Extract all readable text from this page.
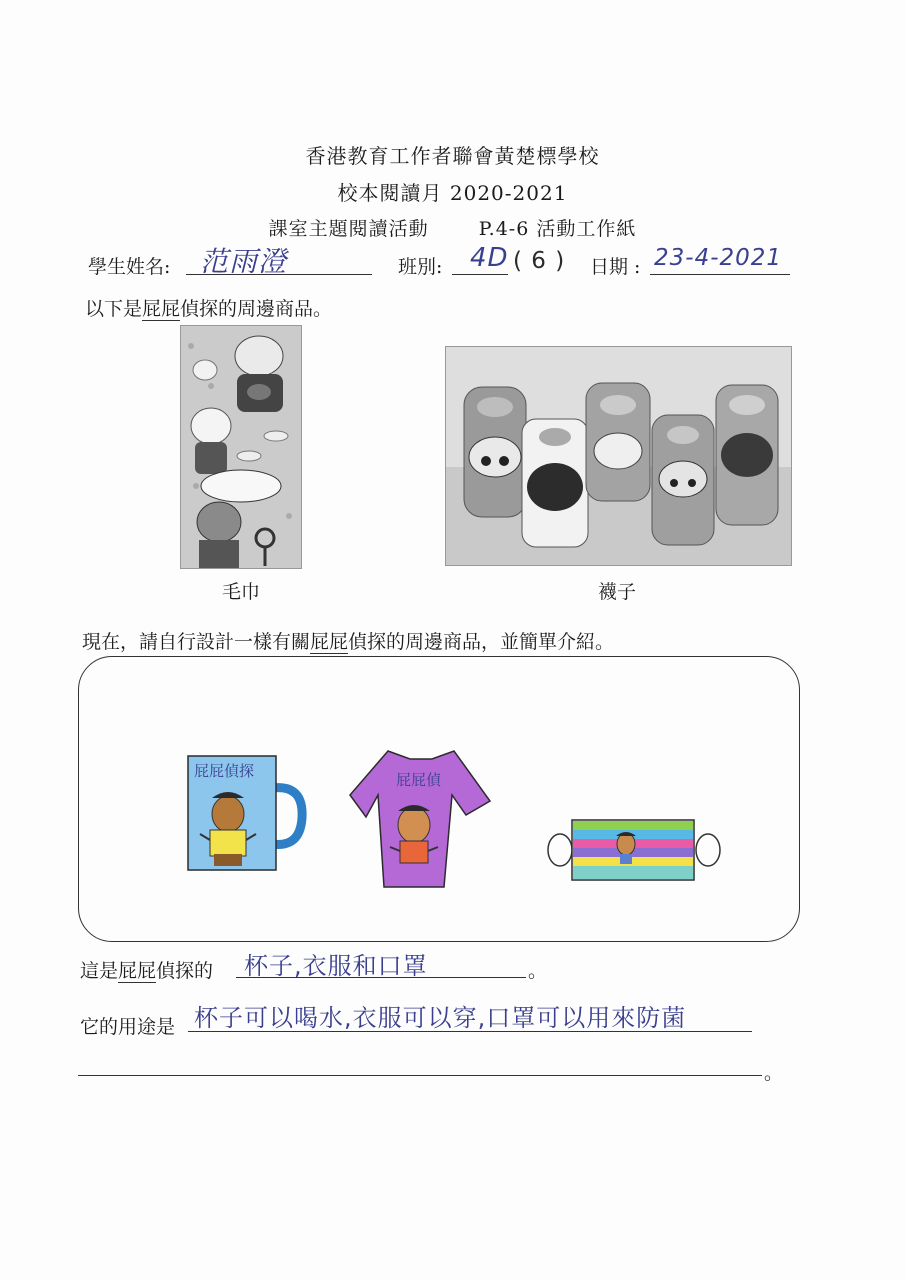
香港教育工作者聯會黃楚標學校
校本閱讀月 2020-2021
課室主題閱讀活動	P.4-6 活動工作紙
學生姓名: 范雨澄	班別: 4D ( 6 ) 日期 : 23-4-2021
以下是屁屁偵探的周邊商品。
毛巾	襪子
現在，請自行設計一樣有關屁屁偵探的周邊商品，並簡單介紹。
屁屁偵探	屁屁偵
這是屁屁偵探的 杯子,衣服和口罩	。
它的用途是 杯子可以喝水,衣服可以穿,口罩可以用來防菌
。
